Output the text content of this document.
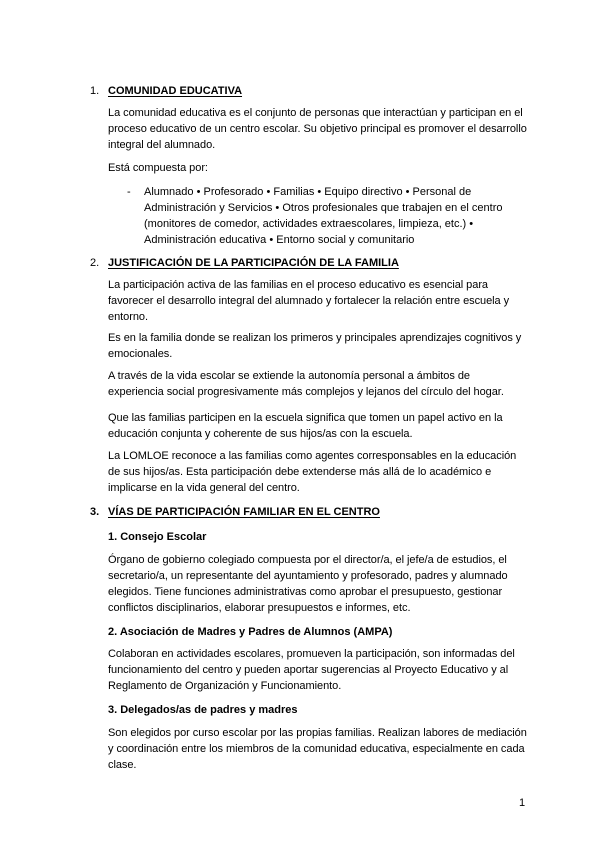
1. COMUNIDAD EDUCATIVA

La comunidad educativa es el conjunto de personas que interactúan y participan en el proceso educativo de un centro escolar. Su objetivo principal es promover el desarrollo integral del alumnado.

Está compuesta por:

- Alumnado • Profesorado • Familias • Equipo directivo • Personal de Administración y Servicios • Otros profesionales que trabajen en el centro (monitores de comedor, actividades extraescolares, limpieza, etc.) • Administración educativa • Entorno social y comunitario

2. JUSTIFICACIÓN DE LA PARTICIPACIÓN DE LA FAMILIA

La participación activa de las familias en el proceso educativo es esencial para favorecer el desarrollo integral del alumnado y fortalecer la relación entre escuela y entorno.

Es en la familia donde se realizan los primeros y principales aprendizajes cognitivos y emocionales.

A través de la vida escolar se extiende la autonomía personal a ámbitos de experiencia social progresivamente más complejos y lejanos del círculo del hogar.

Que las familias participen en la escuela significa que tomen un papel activo en la educación conjunta y coherente de sus hijos/as con la escuela.

La LOMLOE reconoce a las familias como agentes corresponsables en la educación de sus hijos/as. Esta participación debe extenderse más allá de lo académico e implicarse en la vida general del centro.

3. VÍAS DE PARTICIPACIÓN FAMILIAR EN EL CENTRO
1. Consejo Escolar

Órgano de gobierno colegiado compuesta por el director/a, el jefe/a de estudios, el secretario/a, un representante del ayuntamiento y profesorado, padres y alumnado elegidos. Tiene funciones administrativas como aprobar el presupuesto, gestionar conflictos disciplinarios, elaborar presupuestos e informes, etc.

2. Asociación de Madres y Padres de Alumnos (AMPA)

Colaboran en actividades escolares, promueven la participación, son informadas del funcionamiento del centro y pueden aportar sugerencias al Proyecto Educativo y al Reglamento de Organización y Funcionamiento.

3. Delegados/as de padres y madres

Son elegidos por curso escolar por las propias familias. Realizan labores de mediación y coordinación entre los miembros de la comunidad educativa, especialmente en cada clase.

1
